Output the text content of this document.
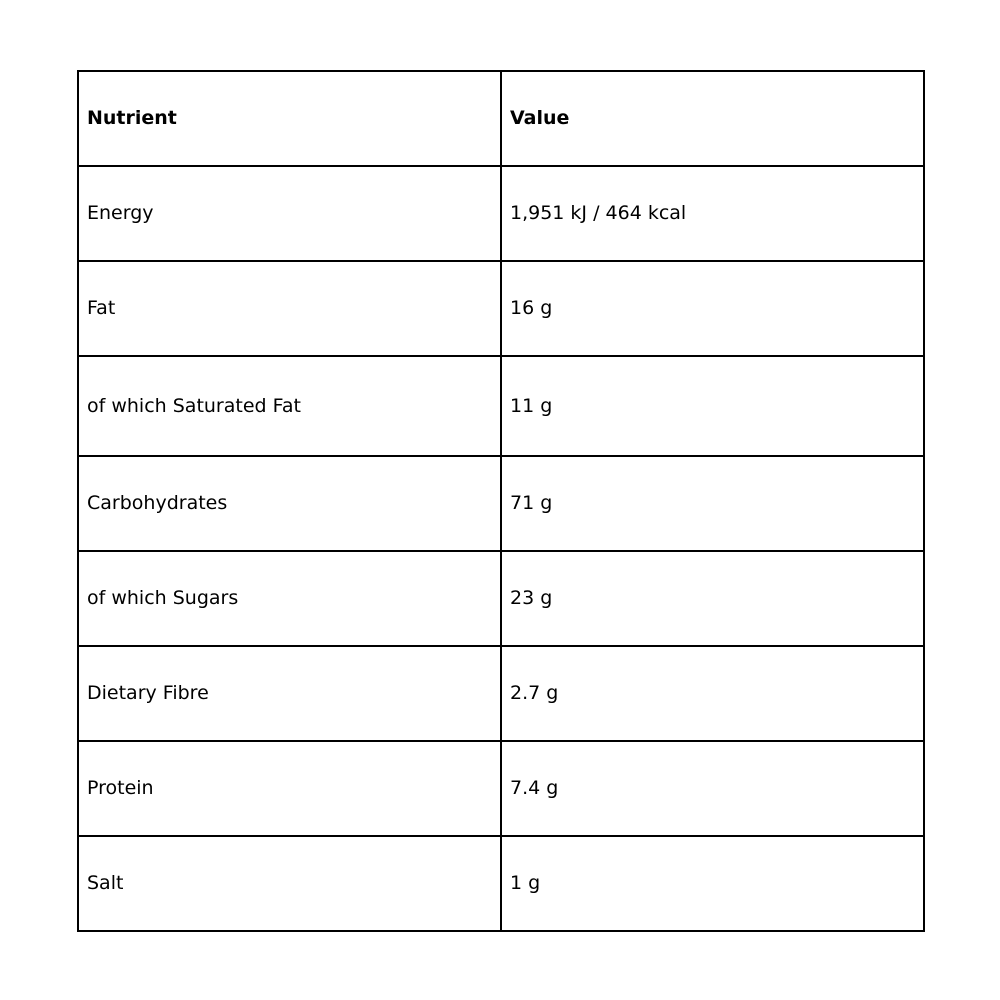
Nutrient	Value
Energy	1,951 kJ / 464 kcal
Fat	16 g
of which Saturated Fat	11 g
Carbohydrates	71 g
of which Sugars	23 g
Dietary Fibre	2.7 g
Protein	7.4 g
Salt	1 g
